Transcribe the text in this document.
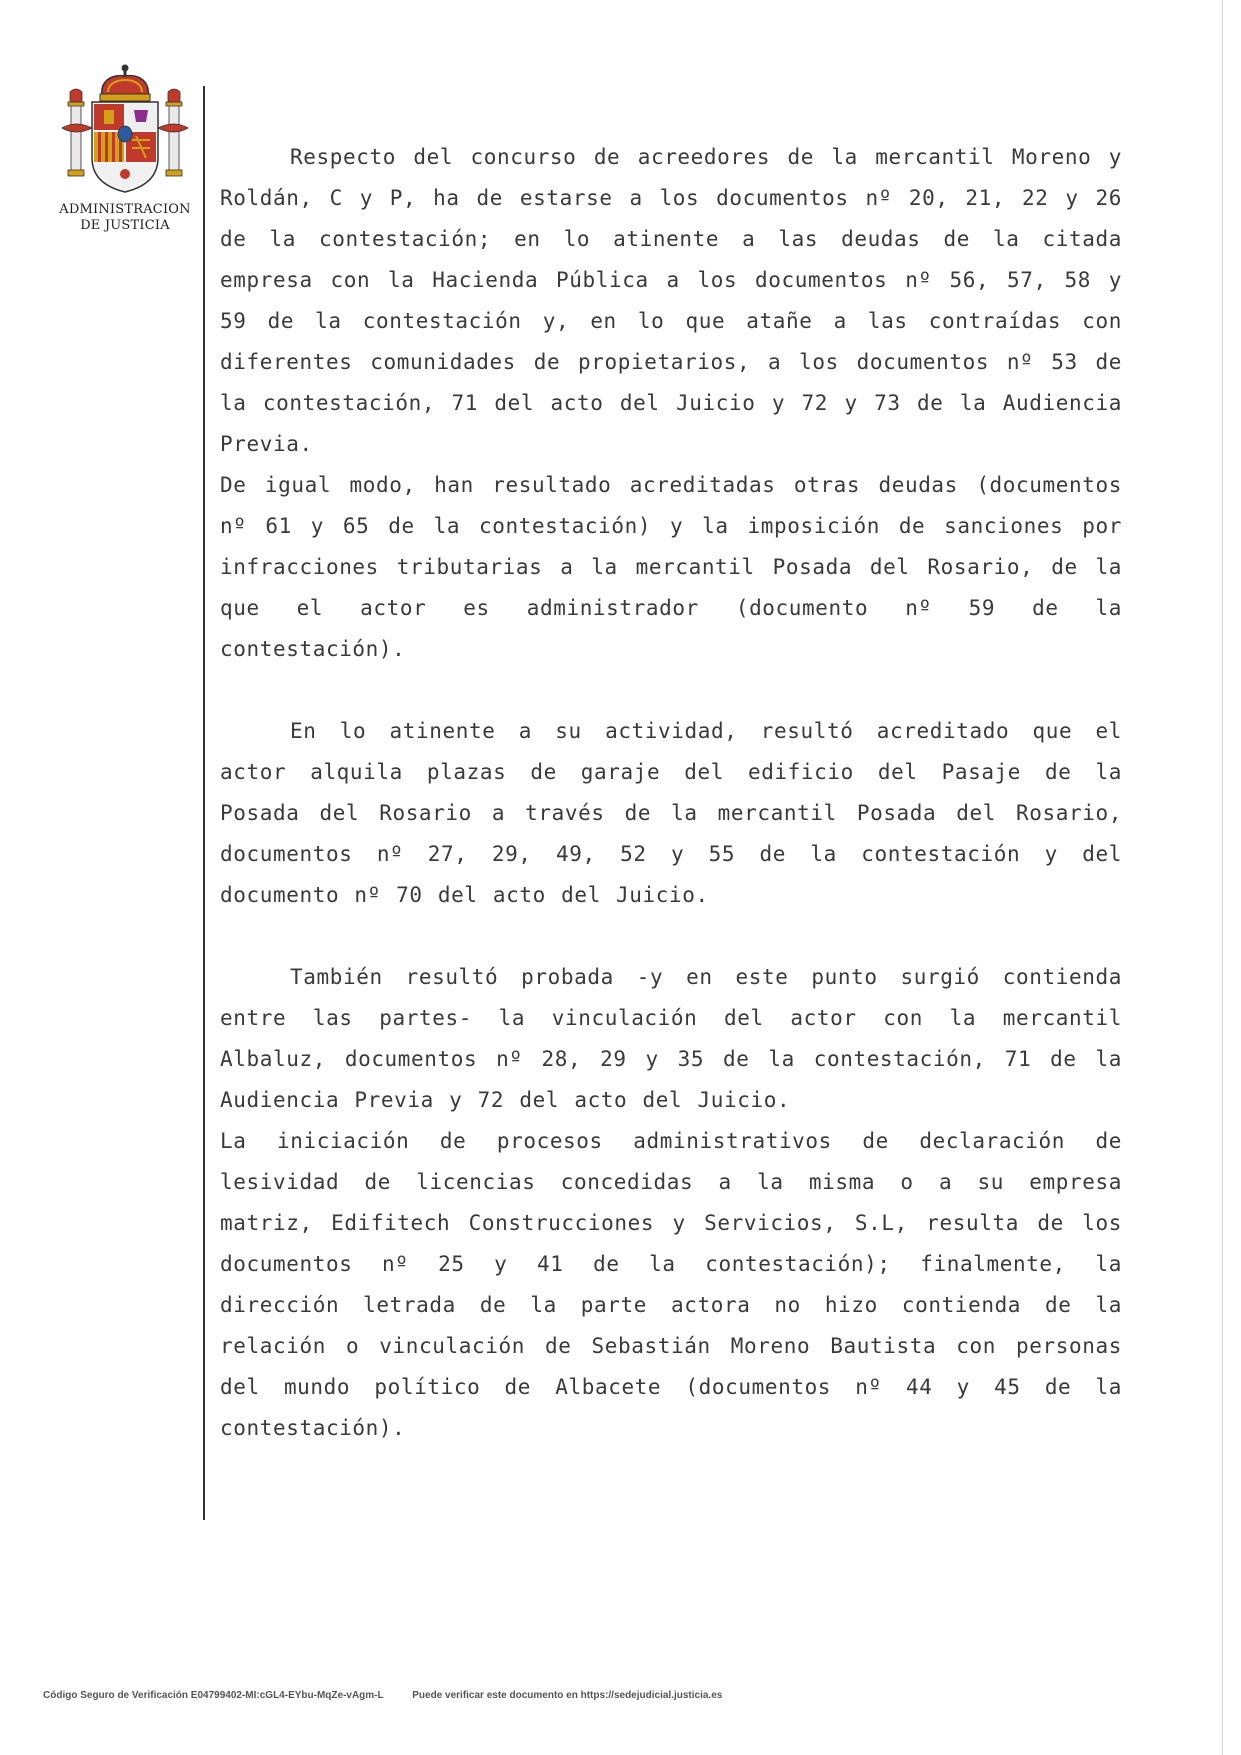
ADMINISTRACION
DE JUSTICIA

Respecto del concurso de acreedores de la mercantil Moreno y Roldán, C y P, ha de estarse a los documentos nº 20, 21, 22 y 26 de la contestación; en lo atinente a las deudas de la citada empresa con la Hacienda Pública a los documentos nº 56, 57, 58 y 59 de la contestación y, en lo que atañe a las contraídas con diferentes comunidades de propietarios, a los documentos nº 53 de la contestación, 71 del acto del Juicio y 72 y 73 de la Audiencia Previa.

De igual modo, han resultado acreditadas otras deudas (documentos nº 61 y 65 de la contestación) y la imposición de sanciones por infracciones tributarias a la mercantil Posada del Rosario, de la que el actor es administrador (documento nº 59 de la contestación).

En lo atinente a su actividad, resultó acreditado que el actor alquila plazas de garaje del edificio del Pasaje de la Posada del Rosario a través de la mercantil Posada del Rosario, documentos nº 27, 29, 49, 52 y 55 de la contestación y del documento nº 70 del acto del Juicio.

También resultó probada -y en este punto surgió contienda entre las partes- la vinculación del actor con la mercantil Albaluz, documentos nº 28, 29 y 35 de la contestación, 71 de la Audiencia Previa y 72 del acto del Juicio.

La iniciación de procesos administrativos de declaración de lesividad de licencias concedidas a la misma o a su empresa matriz, Edifitech Construcciones y Servicios, S.L, resulta de los documentos nº 25 y 41 de la contestación); finalmente, la dirección letrada de la parte actora no hizo contienda de la relación o vinculación de Sebastián Moreno Bautista con personas del mundo político de Albacete (documentos nº 44 y 45 de la contestación).

Código Seguro de Verificación E04799402-MI:cGL4-EYbu-MqZe-vAgm-L	Puede verificar este documento en https://sedejudicial.justicia.es
